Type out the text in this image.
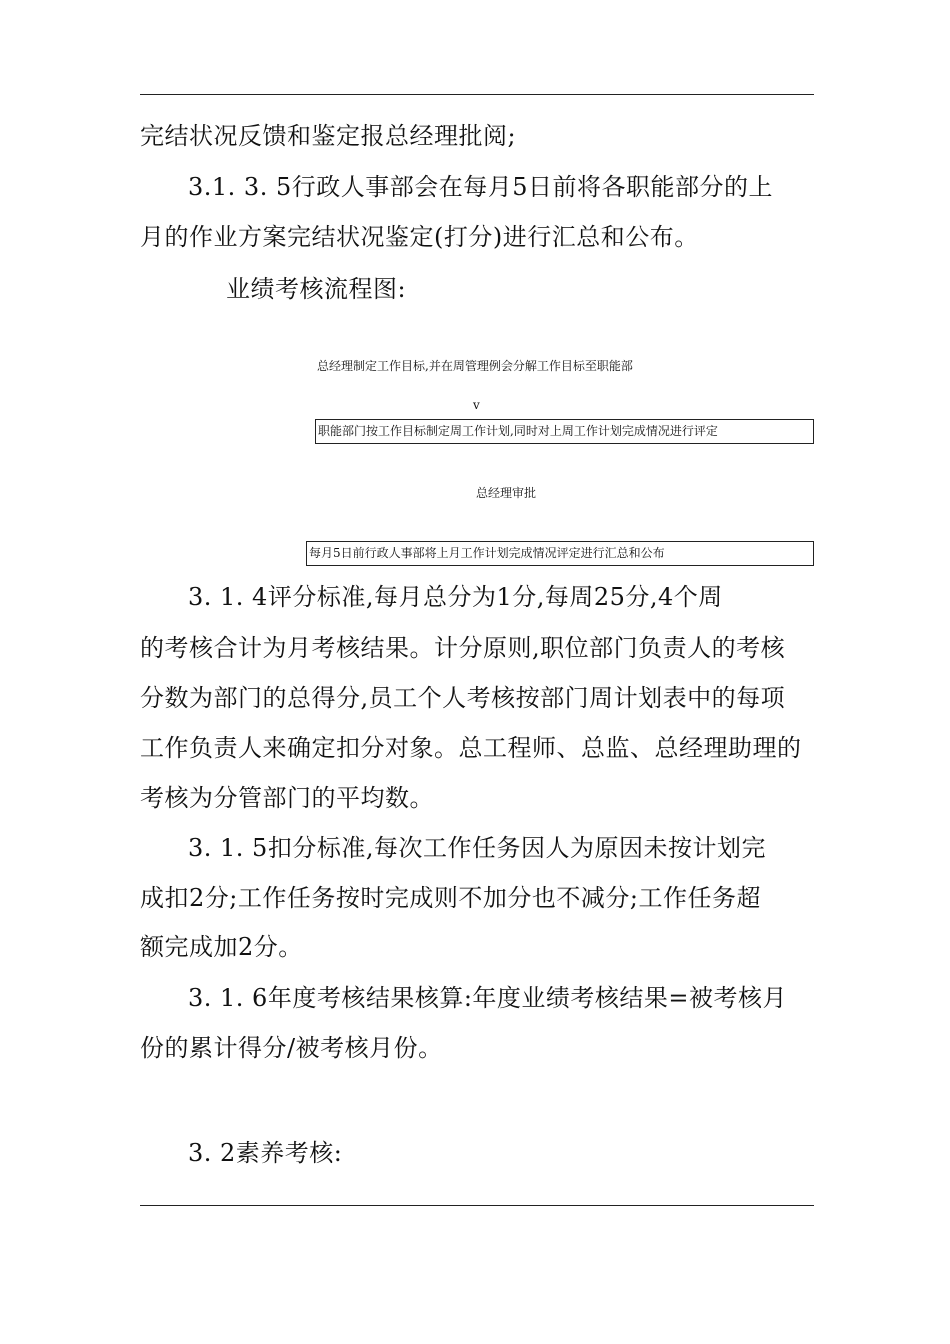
完结状况反馈和鉴定报总经理批阅;
3.1. 3. 5行政人事部会在每月5日前将各职能部分的上
月的作业方案完结状况鉴定(打分)进行汇总和公布。
业绩考核流程图:
总经理制定工作目标,并在周管理例会分解工作目标至职能部
v
职能部门按工作目标制定周工作计划,同时对上周工作计划完成情况进行评定
总经理审批
每月5日前行政人事部将上月工作计划完成情况评定进行汇总和公布
3. 1. 4评分标准,每月总分为1分,每周25分,4个周
的考核合计为月考核结果。计分原则,职位部门负责人的考核
分数为部门的总得分,员工个人考核按部门周计划表中的每项
工作负责人来确定扣分对象。总工程师、总监、总经理助理的
考核为分管部门的平均数。
3. 1. 5扣分标准,每次工作任务因人为原因未按计划完
成扣2分;工作任务按时完成则不加分也不减分;工作任务超
额完成加2分。
3. 1. 6年度考核结果核算:年度业绩考核结果=被考核月
份的累计得分/被考核月份。
3. 2素养考核:
